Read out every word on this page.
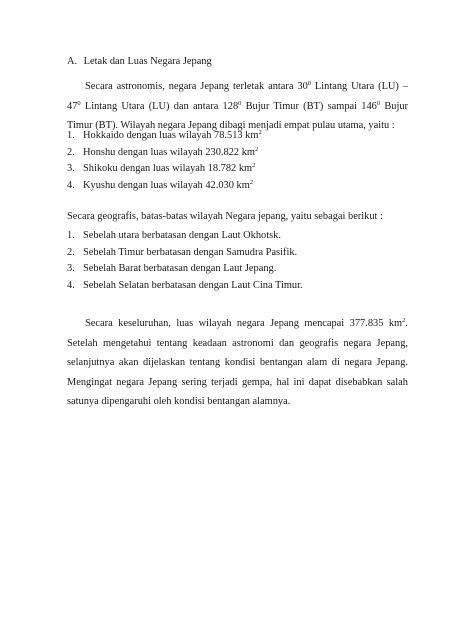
A. Letak dan Luas Negara Jepang
Secara astronomis, negara Jepang terletak antara $30^0$ Lintang Utara $(LU) - 47^0$ Lintang Utara (LU) dan antara $128^0$ Bujur Timur (BT) sampai $146^0$ Bujur Timur (BT). Wilayah negara Jepang dibagi menjadi empat pulau utama, yaitu :
1. Hokkaido dengan luas wilayah 78.513 $km^2$
2. Honshu dengan luas wilayah 230.822 $km^2$
3. Shikoku dengan luas wilayah 18.782 $km^2$
4. Kyushu dengan luas wilayah 42.030 $km^2$
Secara geografis, batas-batas wilayah Negara jepang, yaitu sebagai berikut :
1. Sebelah utara berbatasan dengan Laut Okhotsk.
2. Sebelah Timur berbatasan dengan Samudra Pasifik.
3. Sebelah Barat berbatasan dengan Laut Jepang.
4. Sebelah Selatan berbatasan dengan Laut Cina Timur.
Secara keseluruhan, luas wilayah negara Jepang mencapai 377.835 $km^2$. Setelah mengetahui tentang keadaan astronomi dan geografis negara Jepang, selanjutnya akan dijelaskan tentang kondisi bentangan alam di negara Jepang. Mengingat negara Jepang sering terjadi gempa, hal ini dapat disebabkan salah satunya dipengaruhi oleh kondisi bentangan alamnya.
